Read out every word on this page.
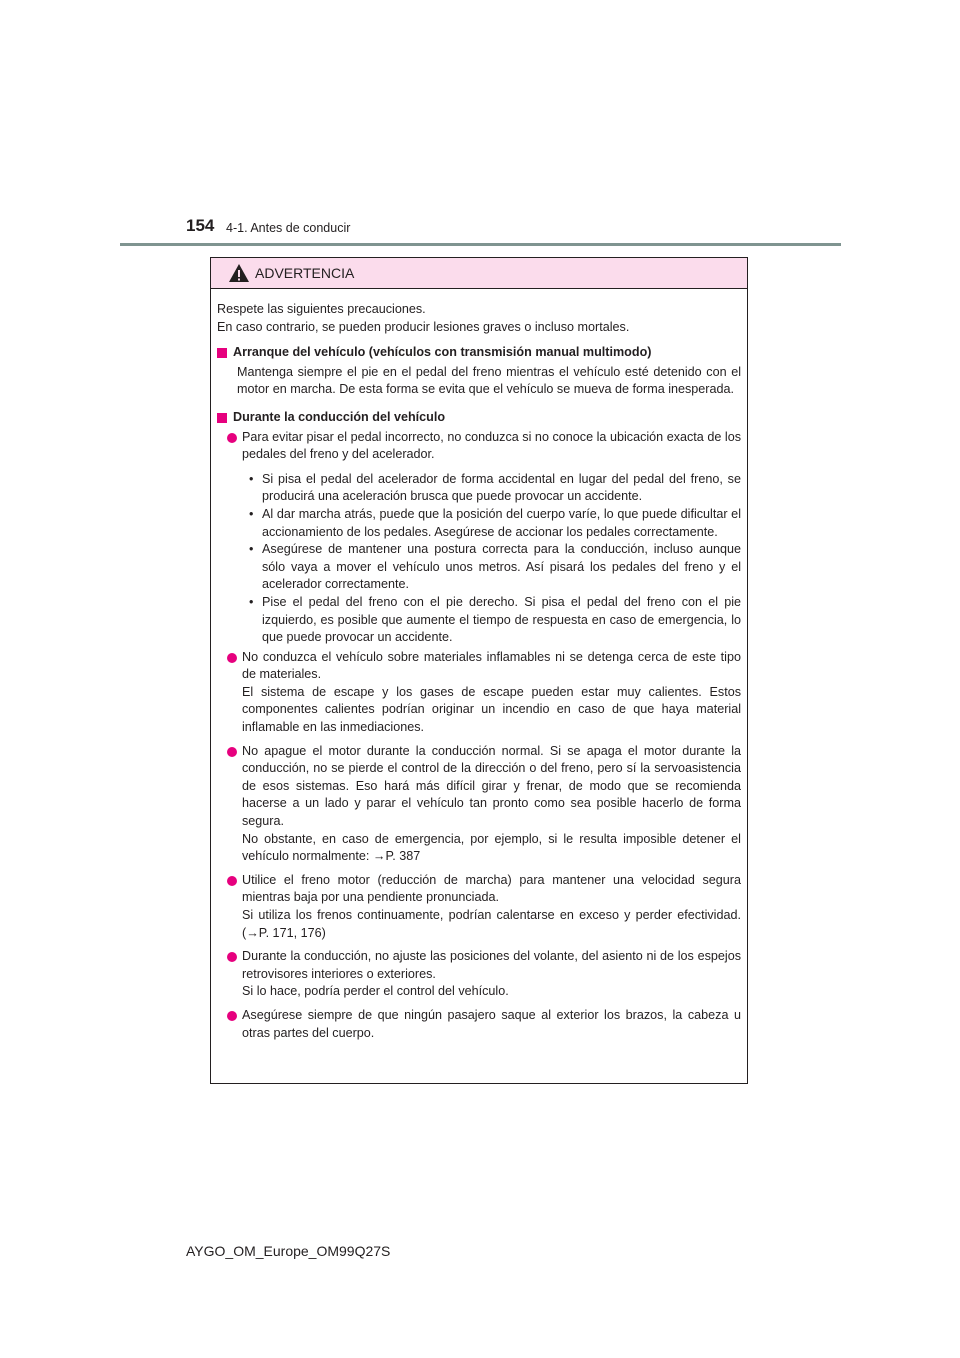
154 4-1. Antes de conducir
ADVERTENCIA

Respete las siguientes precauciones.

En caso contrario, se pueden producir lesiones graves o incluso mortales.

Arranque del vehículo (vehículos con transmisión manual multimodo)

Mantenga siempre el pie en el pedal del freno mientras el vehículo esté detenido con el motor en marcha. De esta forma se evita que el vehículo se mueva de forma inesperada.

Durante la conducción del vehículo
Para evitar pisar el pedal incorrecto, no conduzca si no conoce la ubicación exacta de los pedales del freno y del acelerador.
• Si pisa el pedal del acelerador de forma accidental en lugar del pedal del freno, se producirá una aceleración brusca que puede provocar un accidente.
• Al dar marcha atrás, puede que la posición del cuerpo varíe, lo que puede dificultar el accionamiento de los pedales. Asegúrese de accionar los pedales correctamente.
• Asegúrese de mantener una postura correcta para la conducción, incluso aunque sólo vaya a mover el vehículo unos metros. Así pisará los pedales del freno y el acelerador correctamente.
• Pise el pedal del freno con el pie derecho. Si pisa el pedal del freno con el pie izquierdo, es posible que aumente el tiempo de respuesta en caso de emergencia, lo que puede provocar un accidente.
No conduzca el vehículo sobre materiales inflamables ni se detenga cerca de este tipo de materiales.
El sistema de escape y los gases de escape pueden estar muy calientes. Estos componentes calientes podrían originar un incendio en caso de que haya material inflamable en las inmediaciones.
No apague el motor durante la conducción normal. Si se apaga el motor durante la conducción, no se pierde el control de la dirección o del freno, pero sí la servoasistencia de esos sistemas. Eso hará más difícil girar y frenar, de modo que se recomienda hacerse a un lado y parar el vehículo tan pronto como sea posible hacerlo de forma segura.
No obstante, en caso de emergencia, por ejemplo, si le resulta imposible detener el vehículo normalmente: →P. 387
Utilice el freno motor (reducción de marcha) para mantener una velocidad segura mientras baja por una pendiente pronunciada.
Si utiliza los frenos continuamente, podrían calentarse en exceso y perder efectividad. (→P. 171, 176)
Durante la conducción, no ajuste las posiciones del volante, del asiento ni de los espejos retrovisores interiores o exteriores.
Si lo hace, podría perder el control del vehículo.
Asegúrese siempre de que ningún pasajero saque al exterior los brazos, la cabeza u otras partes del cuerpo.
AYGO_OM_Europe_OM99Q27S
